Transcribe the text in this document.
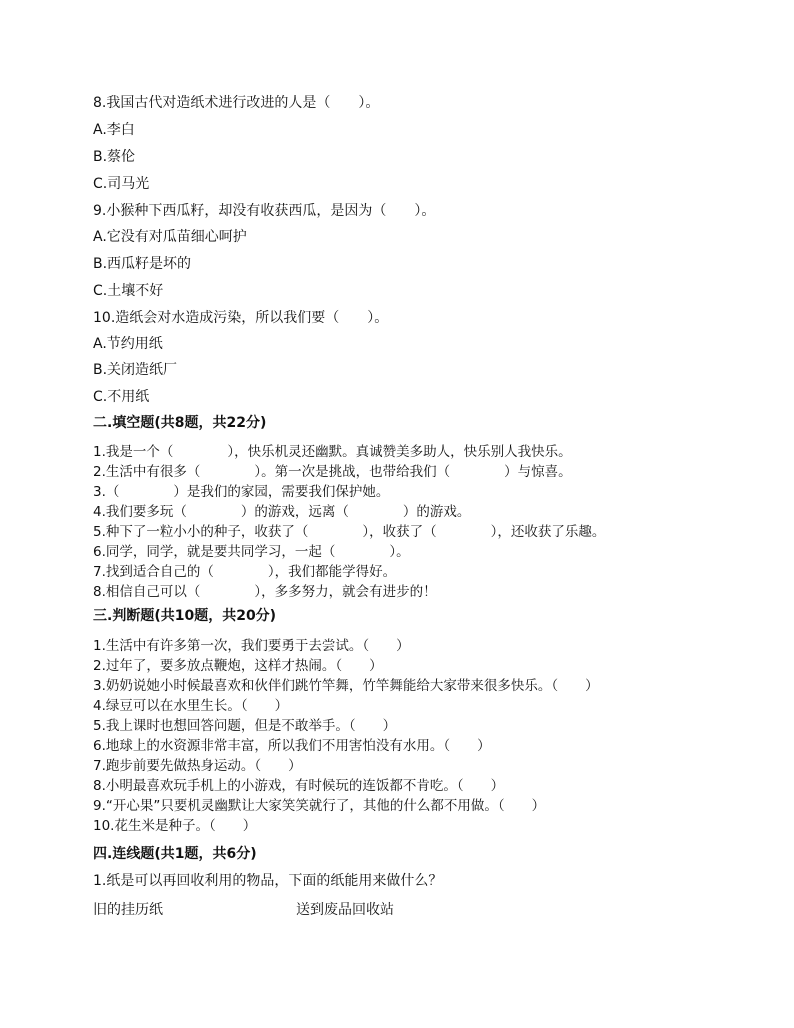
8.我国古代对造纸术进行改进的人是（　　）。
A.李白
B.蔡伦
C.司马光
9.小猴种下西瓜籽，却没有收获西瓜，是因为（　　）。
A.它没有对瓜苗细心呵护
B.西瓜籽是坏的
C.土壤不好
10.造纸会对水造成污染，所以我们要（　　）。
A.节约用纸
B.关闭造纸厂
C.不用纸
二.填空题(共8题，共22分)
1.我是一个（　　　　），快乐机灵还幽默。真诚赞美多助人，快乐别人我快乐。
2.生活中有很多（　　　　）。第一次是挑战，也带给我们（　　　　）与惊喜。
3.（　　　　）是我们的家园，需要我们保护她。
4.我们要多玩（　　　　）的游戏，远离（　　　　）的游戏。
5.种下了一粒小小的种子，收获了（　　　　），收获了（　　　　），还收获了乐趣。
6.同学，同学，就是要共同学习，一起（　　　　）。
7.找到适合自己的（　　　　），我们都能学得好。
8.相信自己可以（　　　　），多多努力，就会有进步的！
三.判断题(共10题，共20分)
1.生活中有许多第一次，我们要勇于去尝试。（　　）
2.过年了，要多放点鞭炮，这样才热闹。（　　）
3.奶奶说她小时候最喜欢和伙伴们跳竹竿舞，竹竿舞能给大家带来很多快乐。（　　）
4.绿豆可以在水里生长。（　　）
5.我上课时也想回答问题，但是不敢举手。（　　）
6.地球上的水资源非常丰富，所以我们不用害怕没有水用。（　　）
7.跑步前要先做热身运动。（　　）
8.小明最喜欢玩手机上的小游戏，有时候玩的连饭都不肯吃。（　　）
9.“开心果”只要机灵幽默让大家笑笑就行了，其他的什么都不用做。（　　）
10.花生米是种子。（　　）
四.连线题(共1题，共6分)
1.纸是可以再回收利用的物品，下面的纸能用来做什么？
旧的挂历纸	送到废品回收站
